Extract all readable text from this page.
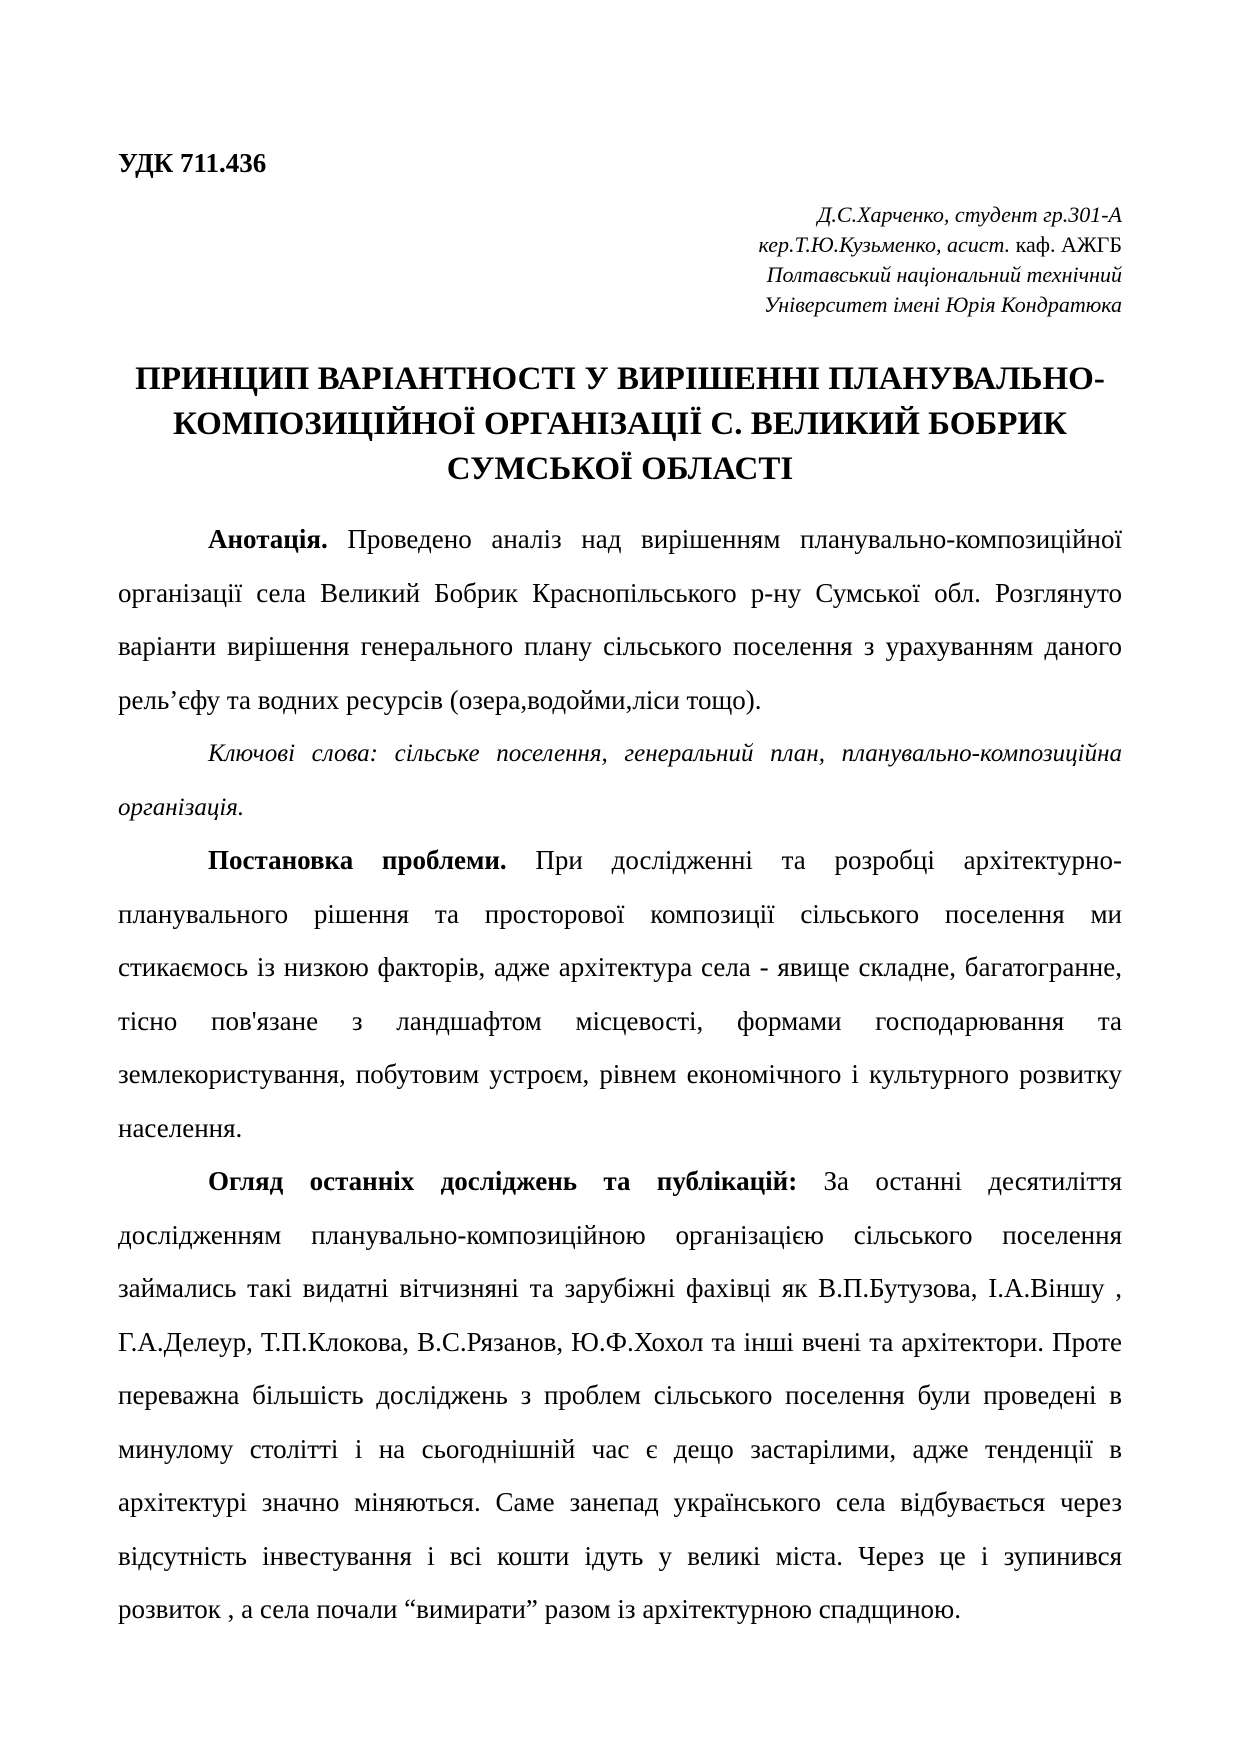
УДК 711.436
Д.С.Харченко, студент гр.301-А
кер.Т.Ю.Кузьменко, асист. каф. АЖГБ
Полтавський національний технічний
Університет імені Юрія Кондратюка
ПРИНЦИП ВАРІАНТНОСТІ У ВИРІШЕННІ ПЛАНУВАЛЬНО-
КОМПОЗИЦІЙНОЇ ОРГАНІЗАЦІЇ С. ВЕЛИКИЙ БОБРИК
СУМСЬКОЇ ОБЛАСТІ

Анотація. Проведено аналіз над вирішенням планувально-композиційної організації села Великий Бобрик Краснопільського р-ну Сумської обл. Розглянуто варіанти вирішення генерального плану сільського поселення з урахуванням даного рель’єфу та водних ресурсів (озера,водойми,ліси тощо).

Ключові слова: сільське поселення, генеральний план, планувально-композиційна організація.

Постановка проблеми. При дослідженні та розробці архітектурно-планувального рішення та просторової композиції сільського поселення ми стикаємось із низкою факторів, адже архітектура села - явище складне, багатогранне, тісно пов'язане з ландшафтом місцевості, формами господарювання та землекористування, побутовим устроєм, рівнем економічного і культурного розвитку населення.

Огляд останніх досліджень та публікацій: За останні десятиліття дослідженням планувально-композиційною організацією сільського поселення займались такі видатні вітчизняні та зарубіжні фахівці як В.П.Бутузова, І.А.Віншу , Г.А.Делеур, Т.П.Клокова, В.С.Рязанов, Ю.Ф.Хохол та інші вчені та архітектори. Проте переважна більшість досліджень з проблем сільського поселення були проведені в минулому столітті і на сьогоднішній час є дещо застарілими, адже тенденції в архітектурі значно міняються. Саме занепад українського села відбувається через відсутність інвестування і всі кошти ідуть у великі міста. Через це і зупинився розвиток , а села почали “вимирати” разом із архітектурною спадщиною.
